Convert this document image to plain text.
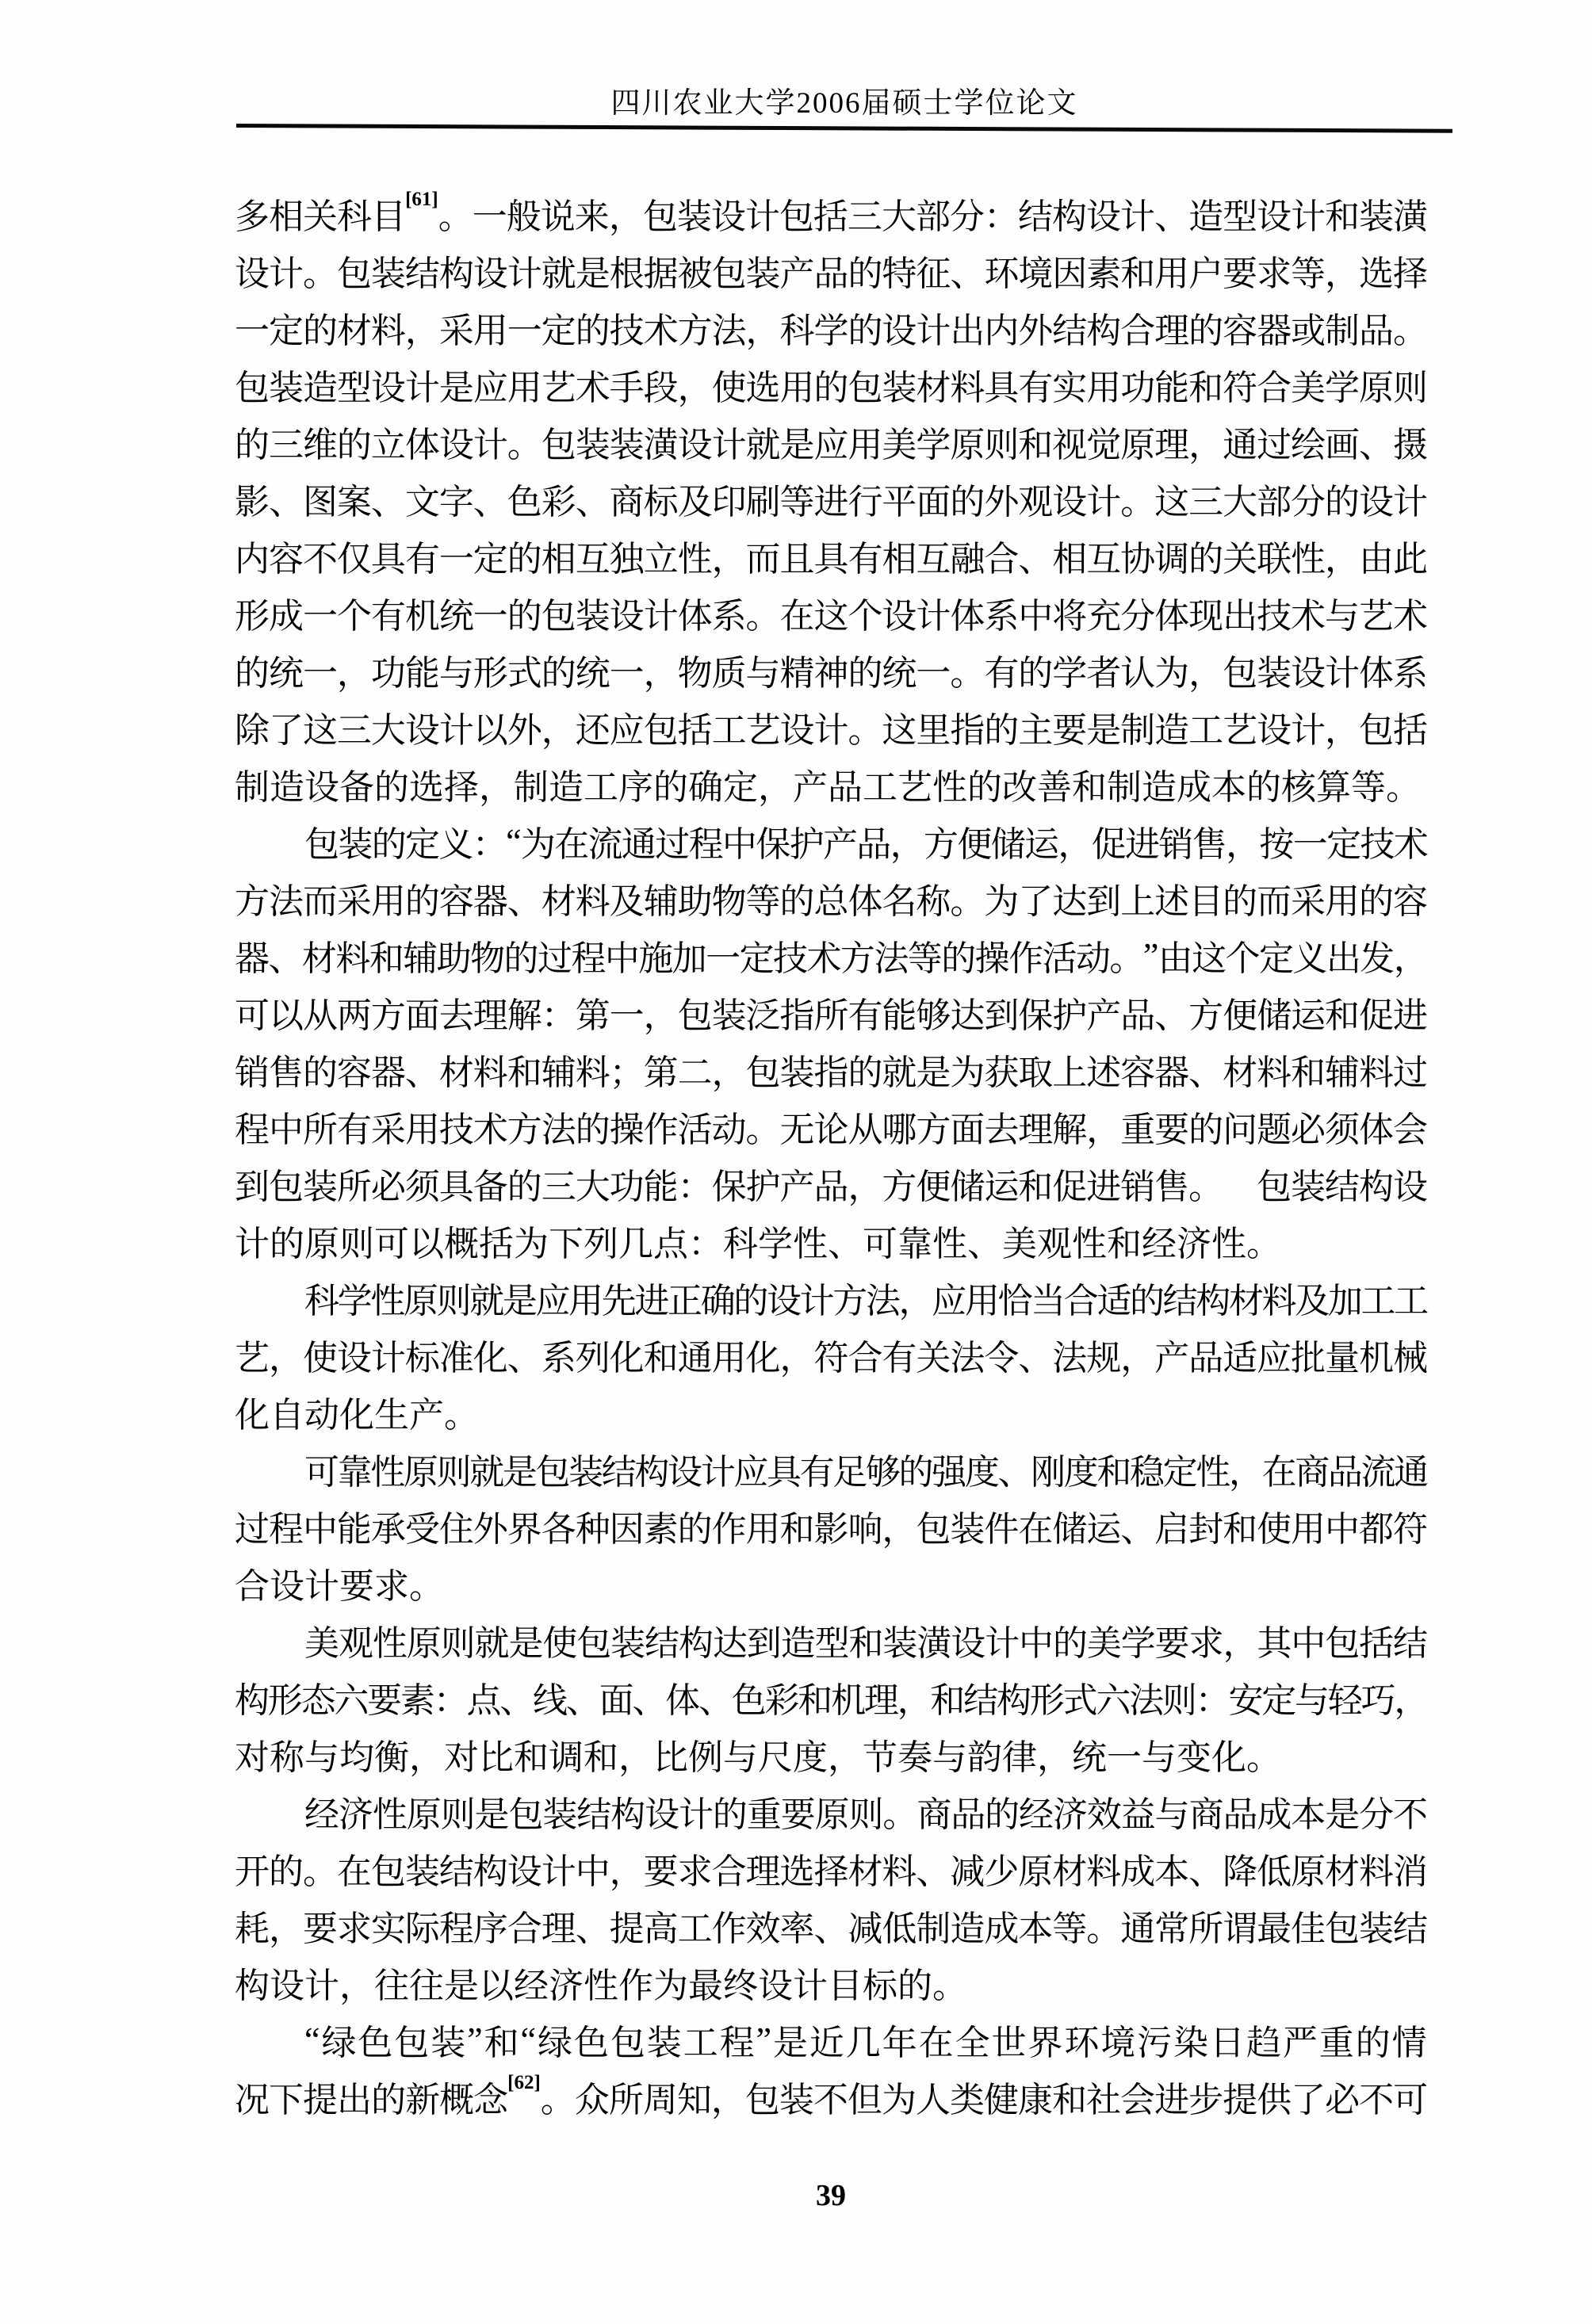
四川农业大学2006届硕士学位论文
多 相 关 科 目[61] 。 一 般 说 来 ， 包 装 设 计 包 括 三 大 部 分 ： 结 构 设 计 、 造 型 设 计 和 装 潢
设
计
。
包
装
结
构
设
计
就
是
根
据
被
包
装
产
品
的
特
征
、
环
境
因
素
和
用
户
要
求
等
，
选
择
一
定
的
材
料
，
采
用
一
定
的
技
术
方
法
，
科
学
的
设
计
出
内
外
结
构
合
理
的
容
器
或
制
品
。
包
装
造
型
设
计
是
应
用
艺
术
手
段
，
使
选
用
的
包
装
材
料
具
有
实
用
功
能
和
符
合
美
学
原
则
的
三
维
的
立
体
设
计
。
包
装
装
潢
设
计
就
是
应
用
美
学
原
则
和
视
觉
原
理
，
通
过
绘
画
、
摄
影
、
图
案
、
文
字
、
色
彩
、
商
标
及
印
刷
等
进
行
平
面
的
外
观
设
计
。
这
三
大
部
分
的
设
计
内
容
不
仅
具
有
一
定
的
相
互
独
立
性
，
而
且
具
有
相
互
融
合
、
相
互
协
调
的
关
联
性
，
由
此
形
成
一
个
有
机
统
一
的
包
装
设
计
体
系
。
在
这
个
设
计
体
系
中
将
充
分
体
现
出
技
术
与
艺
术
的
统
一
，
功
能
与
形
式
的
统
一
，
物
质
与
精
神
的
统
一
。
有
的
学
者
认
为
，
包
装
设
计
体
系
除
了
这
三
大
设
计
以
外
，
还
应
包
括
工
艺
设
计
。
这
里
指
的
主
要
是
制
造
工
艺
设
计
，
包
括
制 造 设 备 的 选 择 ， 制 造 工 序 的 确 定 ， 产 品 工 艺 性 的 改 善 和 制 造 成 本 的 核 算 等 。
包
装
的
定
义
：
“ 为
在
流
通
过
程
中
保
护
产
品
，
方
便
储
运
，
促
进
销
售
，
按
一
定
技
术
方
法
而
采
用
的
容
器
、
材
料
及
辅
助
物
等
的
总
体
名
称
。
为
了
达
到
上
述
目
的
而
采
用
的
容
器
、
材
料
和
辅
助
物
的
过
程
中
施
加
一
定
技
术
方
法
等
的
操
作
活
动
。
” 由
这
个
定
义
出
发
，
可
以
从
两
方
面
去
理
解
：
第
一
，
包
装
泛
指
所
有
能
够
达
到
保
护
产
品
、
方
便
储
运
和
促
进
销
售
的
容
器
、
材
料
和
辅
料
；
第
二
，
包
装
指
的
就
是
为
获
取
上
述
容
器
、
材
料
和
辅
料
过
程
中
所
有
采
用
技
术
方
法
的
操
作
活
动
。
无
论
从
哪
方
面
去
理
解
，
重
要
的
问
题
必
须
体
会
到
包
装
所
必
须
具
备
的
三
大
功
能
：
保
护
产
品
，
方
便
储
运
和
促
进
销
售
。
　 包
装
结
构
设
计 的 原 则 可 以 概 括 为 下 列 几 点 ： 科 学 性 、 可 靠 性 、 美 观 性 和 经 济 性 。
科
学
性
原
则
就
是
应
用
先
进
正
确
的
设
计
方
法
，
应
用
恰
当
合
适
的
结
构
材
料
及
加
工
工
艺
，
使
设
计
标
准
化
、
系
列
化
和
通
用
化
，
符
合
有
关
法
令
、
法
规
，
产
品
适
应
批
量
机
械
化 自 动 化 生 产 。
可
靠
性
原
则
就
是
包
装
结
构
设
计
应
具
有
足
够
的
强
度
、
刚
度
和
稳
定
性
，
在
商
品
流
通
过
程
中
能
承
受
住
外
界
各
种
因
素
的
作
用
和
影
响
，
包
装
件
在
储
运
、
启
封
和
使
用
中
都
符
合 设 计 要 求 。
美
观
性
原
则
就
是
使
包
装
结
构
达
到
造
型
和
装
潢
设
计
中
的
美
学
要
求
，
其
中
包
括
结
构
形
态
六
要
素
：
点
、
线
、
面
、
体
、
色
彩
和
机
理
，
和
结
构
形
式
六
法
则
：
安
定
与
轻
巧
，
对 称 与 均 衡 ， 对 比 和 调 和 ， 比 例 与 尺 度 ， 节 奏 与 韵 律 ， 统 一 与 变 化 。
经
济
性
原
则
是
包
装
结
构
设
计
的
重
要
原
则
。
商
品
的
经
济
效
益
与
商
品
成
本
是
分
不
开
的
。
在
包
装
结
构
设
计
中
，
要
求
合
理
选
择
材
料
、
减
少
原
材
料
成
本
、
降
低
原
材
料
消
耗
，
要
求
实
际
程
序
合
理
、
提
高
工
作
效
率
、
减
低
制
造
成
本
等
。
通
常
所
谓
最
佳
包
装
结
构 设 计 ， 往 往 是 以 经 济 性 作 为 最 终 设 计 目 标 的 。
“ 绿 色 包 装 ” 和 “ 绿 色 包 装 工 程 ” 是 近 几 年 在 全 世 界 环 境 污 染 日 趋 严 重 的 情
况 下 提 出 的 新 概 念[62] 。 众 所 周 知 ， 包 装 不 但 为 人 类 健 康 和 社 会 进 步 提 供 了 必 不 可
39
